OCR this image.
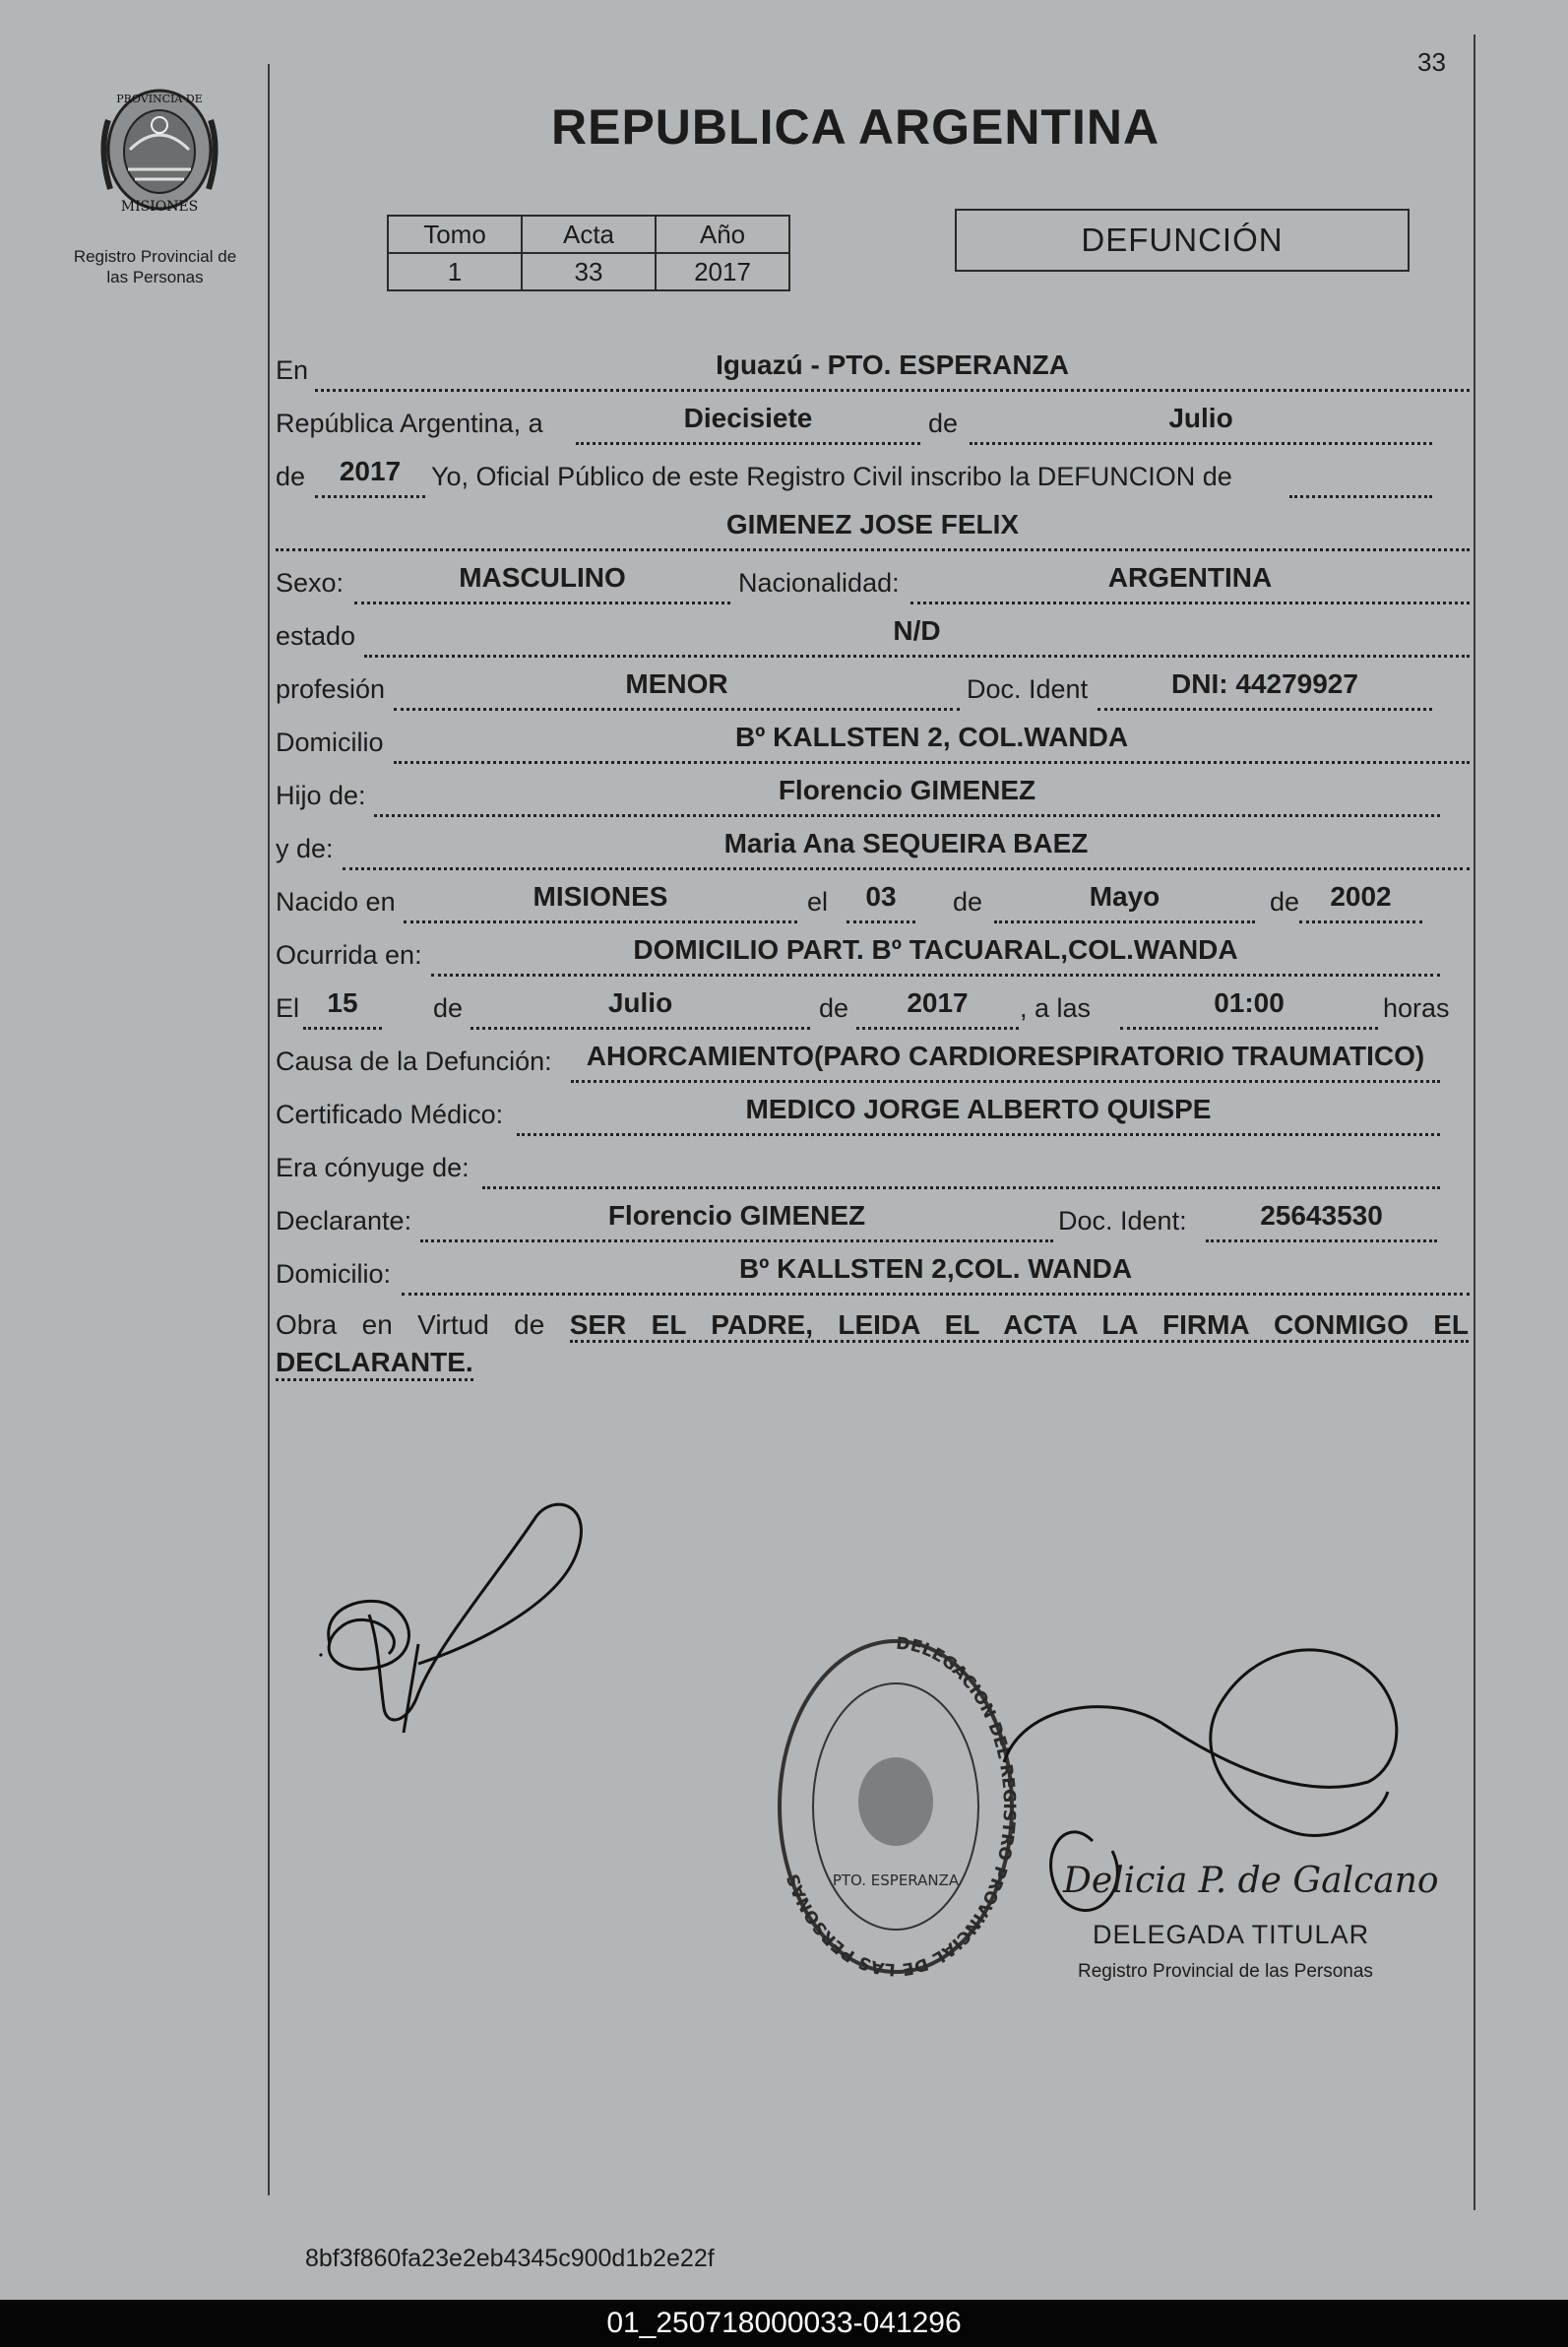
33
PROVINCIA DE
MISIONES
Registro Provincial de
las Personas
REPUBLICA ARGENTINA
Tomo	Acta	Año
1	33	2017
DEFUNCIÓN
En	Iguazú - PTO. ESPERANZA
República Argentina, a	Diecisiete	de	Julio
de	2017	Yo, Oficial Público de este Registro Civil inscribo la DEFUNCION de
GIMENEZ JOSE FELIX
Sexo:	MASCULINO	Nacionalidad:	ARGENTINA
estado	N/D
profesión	MENOR	Doc. Ident	DNI: 44279927
Domicilio	Bº KALLSTEN 2, COL.WANDA
Hijo de:	Florencio GIMENEZ
y de:	Maria Ana SEQUEIRA BAEZ
Nacido en	MISIONES	el	03	de	Mayo	de	2002
Ocurrida en:	DOMICILIO PART. Bº TACUARAL,COL.WANDA
El	15	de	Julio	de	2017	, a las	01:00	horas
Causa de la Defunción:	AHORCAMIENTO(PARO CARDIORESPIRATORIO TRAUMATICO)
Certificado Médico:	MEDICO JORGE ALBERTO QUISPE
Era cónyuge de:
Declarante:	Florencio GIMENEZ	Doc. Ident:	25643530
Domicilio:	Bº KALLSTEN 2,COL. WANDA
Obra en Virtud de SER EL PADRE, LEIDA EL ACTA LA FIRMA CONMIGO EL
DECLARANTE.
DELEGACION DEL REGISTRO PROVINCIAL DE LAS PERSONAS	PTO. ESPERANZA	Delicia P. de Galcano
DELEGADA TITULAR
Registro Provincial de las Personas
8bf3f860fa23e2eb4345c900d1b2e22f
01_250718000033-041296
